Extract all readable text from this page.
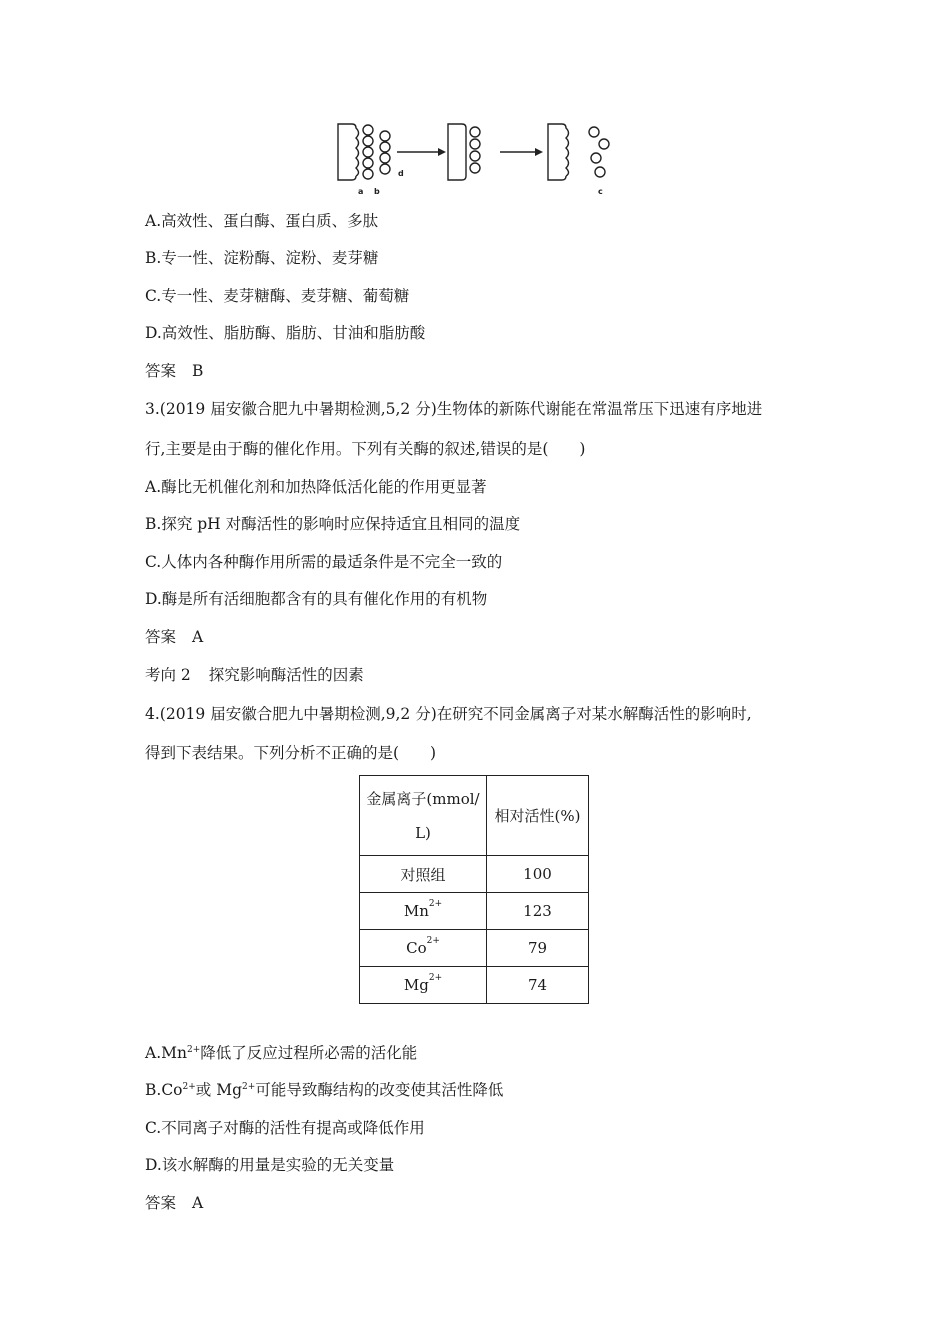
a b
d
c
A.高效性、蛋白酶、蛋白质、多肽
B.专一性、淀粉酶、淀粉、麦芽糖
C.专一性、麦芽糖酶、麦芽糖、葡萄糖
D.高效性、脂肪酶、脂肪、甘油和脂肪酸
答案 B
3.(2019 届安徽合肥九中暑期检测,5,2 分)生物体的新陈代谢能在常温常压下迅速有序地进
行,主要是由于酶的催化作用。下列有关酶的叙述,错误的是(　　)
A.酶比无机催化剂和加热降低活化能的作用更显著
B.探究 pH 对酶活性的影响时应保持适宜且相同的温度
C.人体内各种酶作用所需的最适条件是不完全一致的
D.酶是所有活细胞都含有的具有催化作用的有机物
答案 A
考向 2 探究影响酶活性的因素
4.(2019 届安徽合肥九中暑期检测,9,2 分)在研究不同金属离子对某水解酶活性的影响时,
得到下表结果。下列分析不正确的是(　　)
金属离子(mmol/
L)	相对活性(%)
对照组	100
$Mn^{2+}$	123
$Co^{2+}$	79
$Mg^{2+}$	74
$A.Mn^{2+}$降低了反应过程所必需的活化能
$B.Co^{2+}$或 $Mg^{2+}$可能导致酶结构的改变使其活性降低
C.不同离子对酶的活性有提高或降低作用
D.该水解酶的用量是实验的无关变量
答案 A
